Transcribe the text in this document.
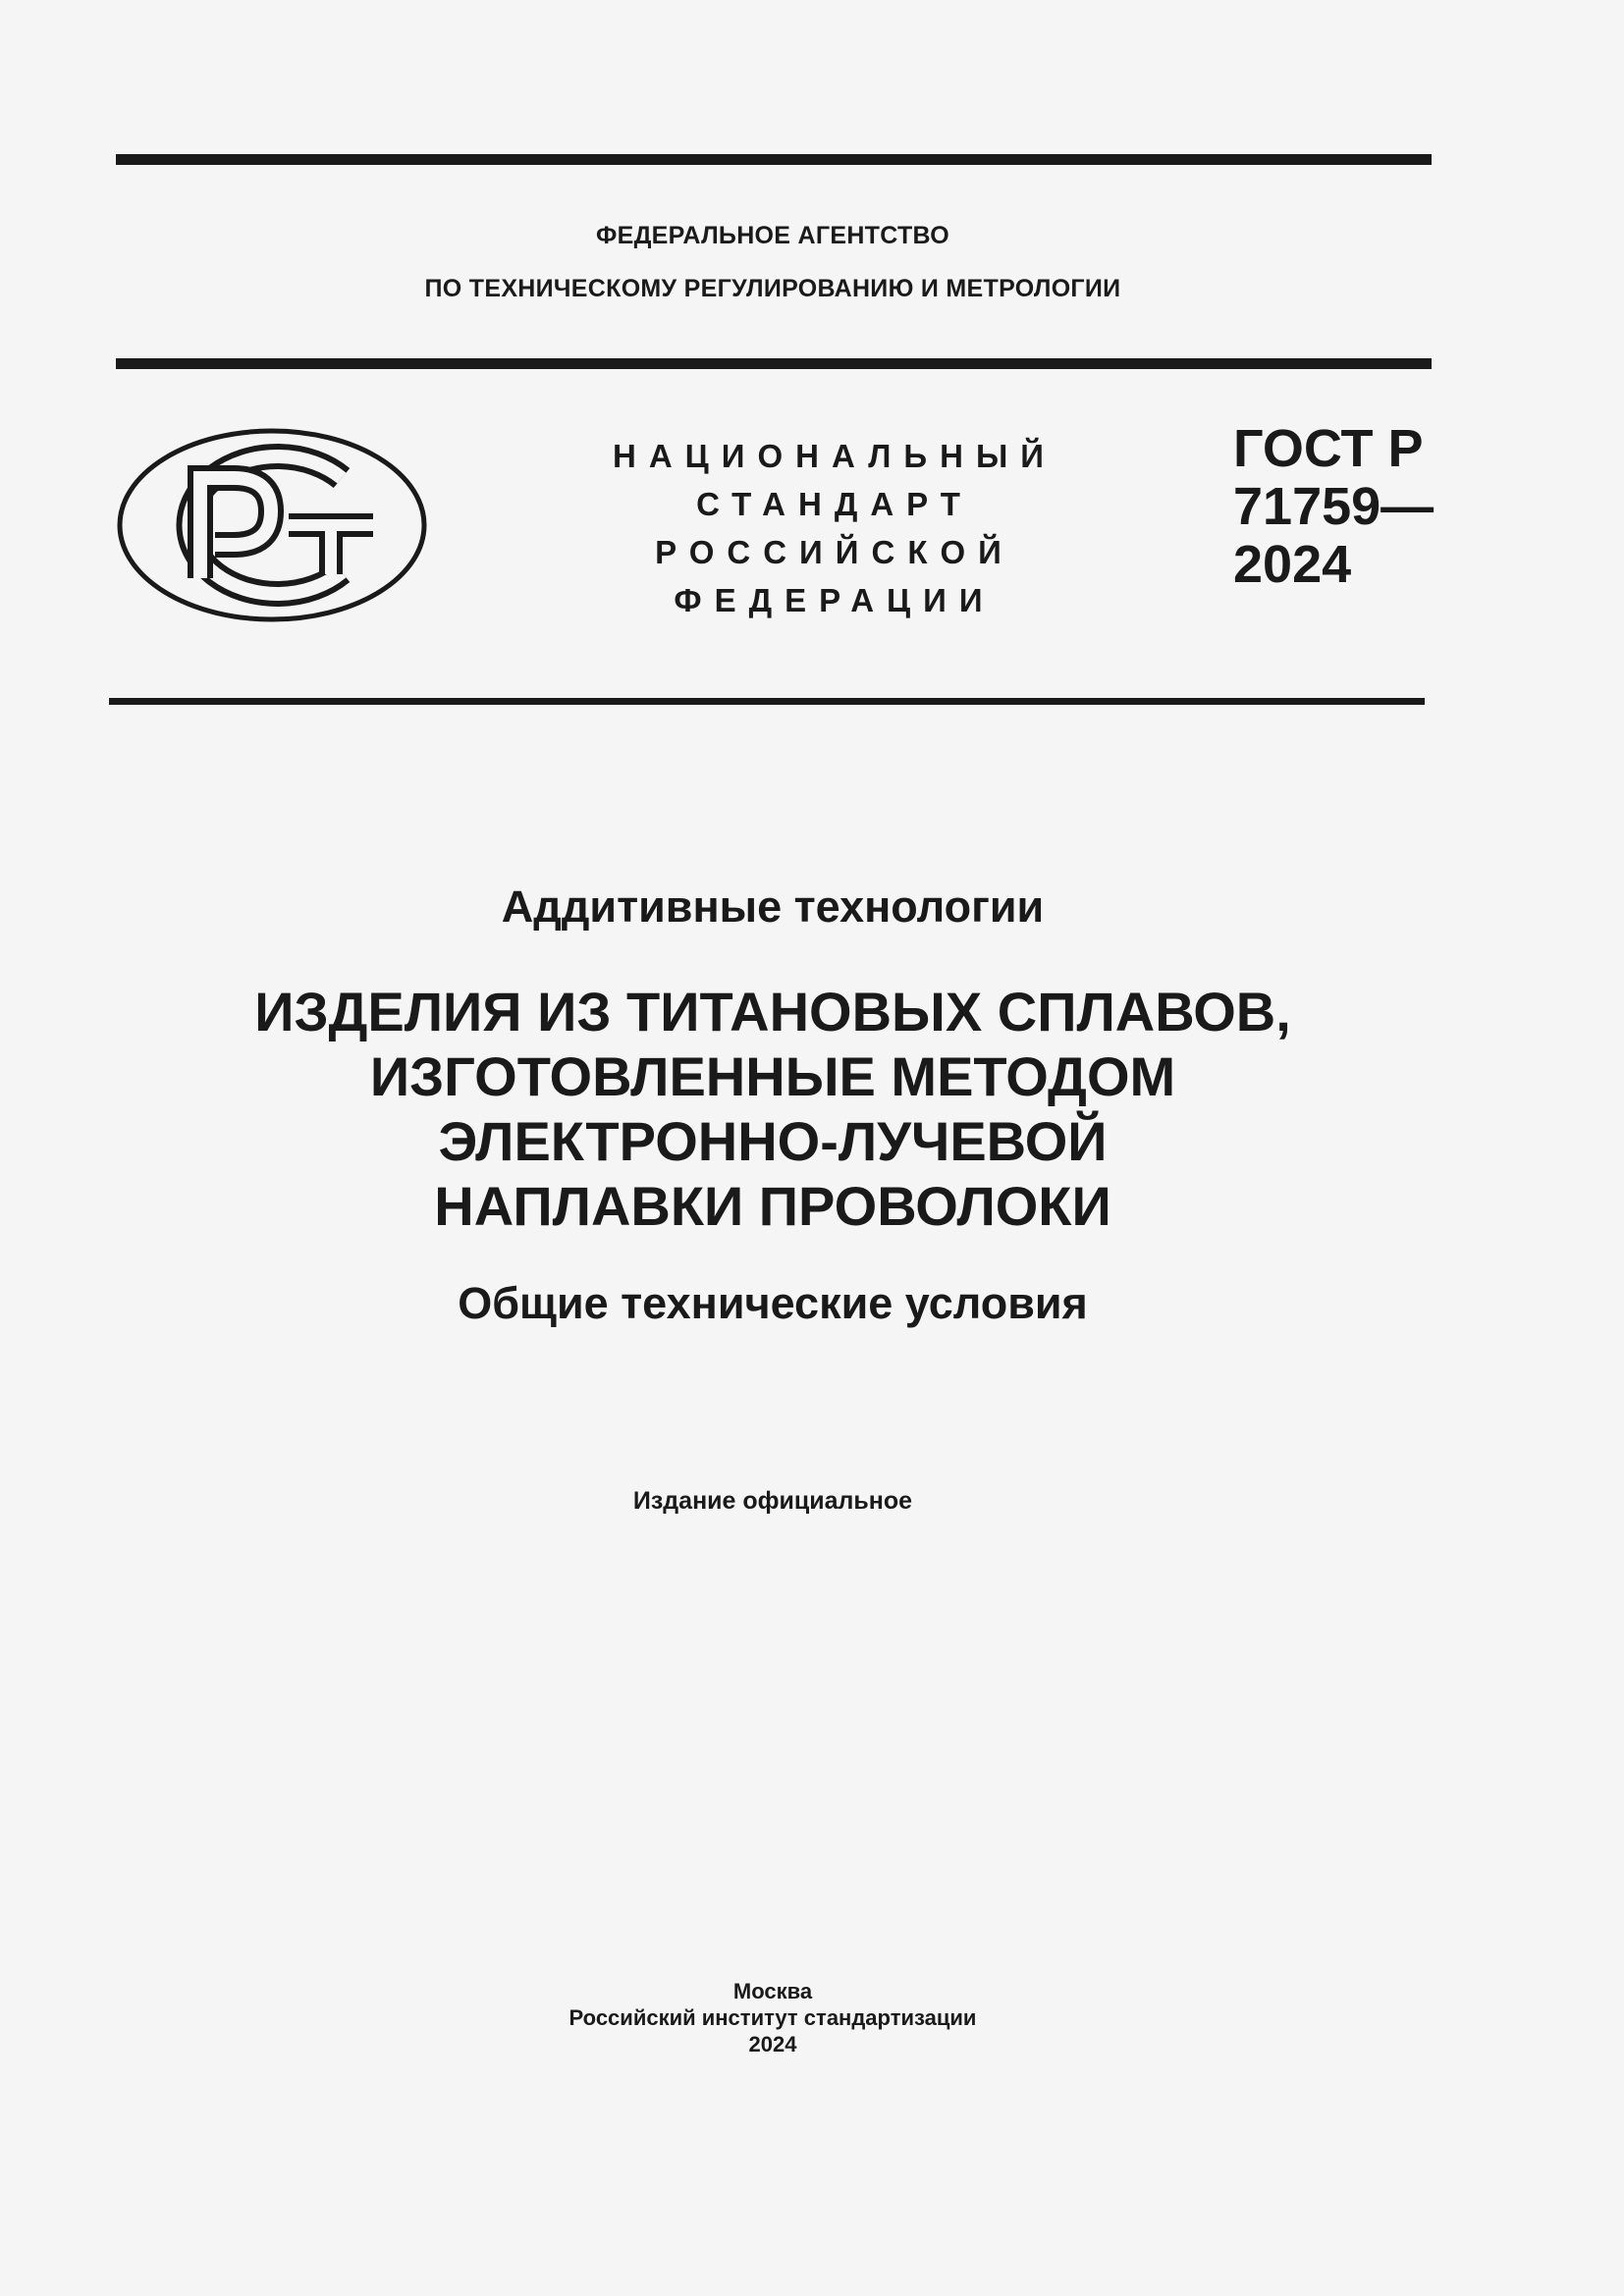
ФЕДЕРАЛЬНОЕ АГЕНТСТВО
ПО ТЕХНИЧЕСКОМУ РЕГУЛИРОВАНИЮ И МЕТРОЛОГИИ
НАЦИОНАЛЬНЫЙ
СТАНДАРТ
РОССИЙСКОЙ
ФЕДЕРАЦИИ
ГОСТ Р
71759—
2024
Аддитивные технологии
ИЗДЕЛИЯ ИЗ ТИТАНОВЫХ СПЛАВОВ,
ИЗГОТОВЛЕННЫЕ МЕТОДОМ
ЭЛЕКТРОННО-ЛУЧЕВОЙ
НАПЛАВКИ ПРОВОЛОКИ
Общие технические условия
Издание официальное
Москва
Российский институт стандартизации
2024
